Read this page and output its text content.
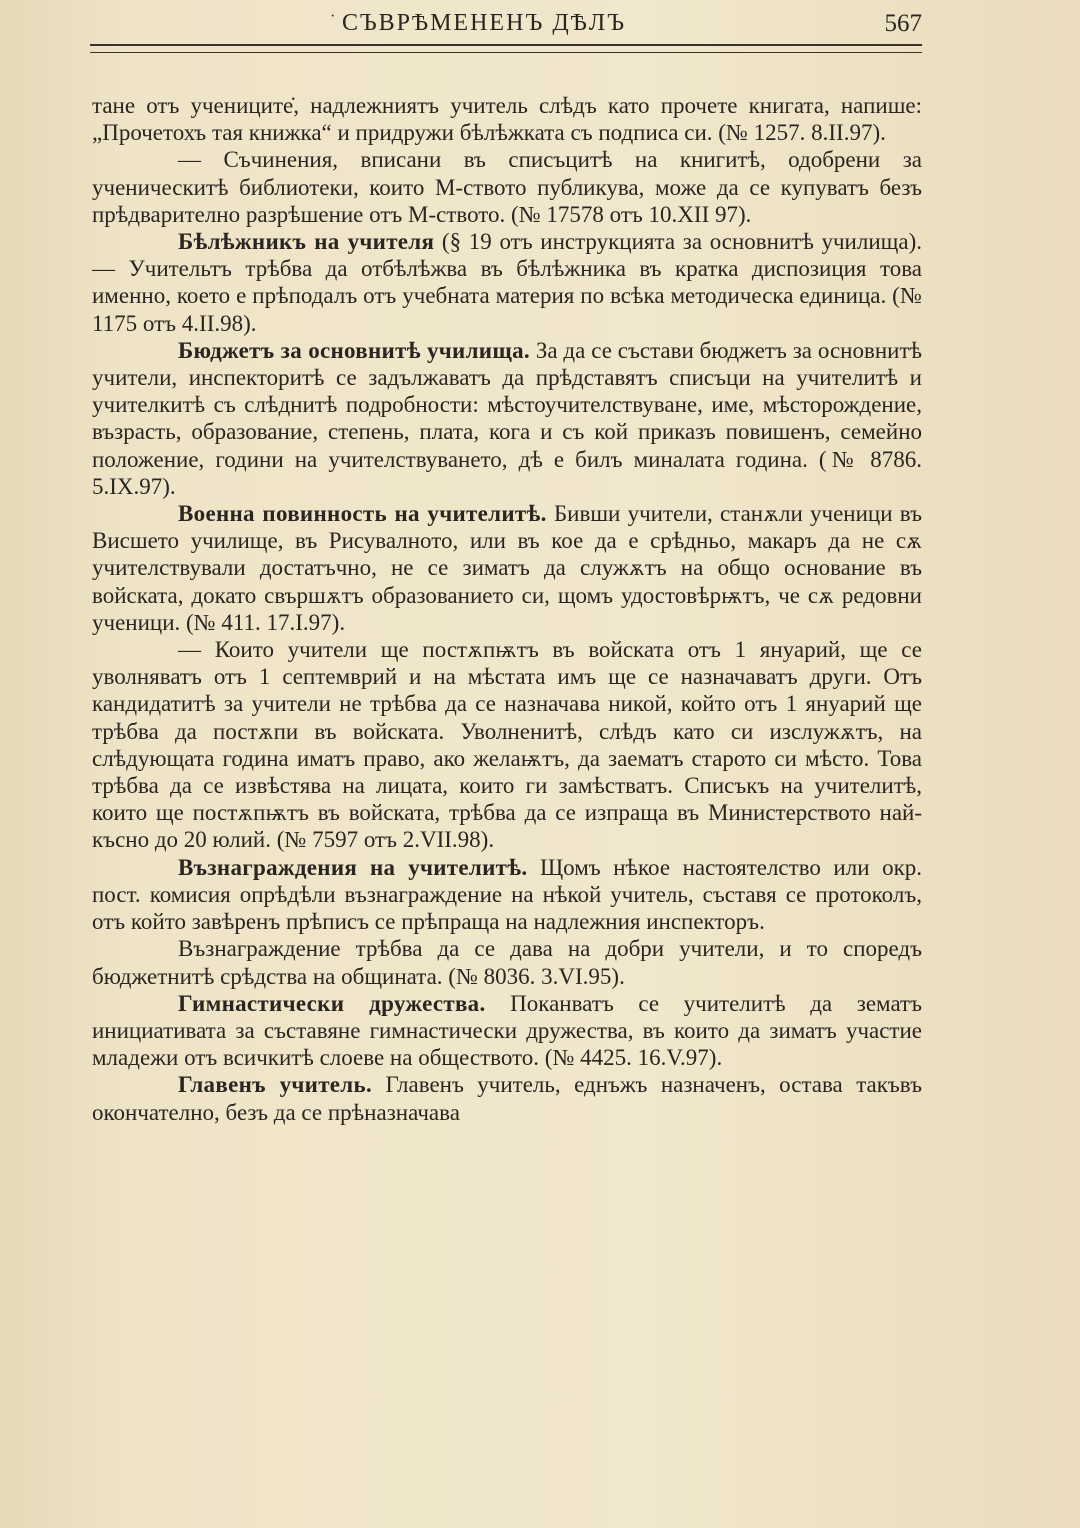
· СЪВРѢМЕНЕНЪ ДѢЛЪ	567

тане отъ учениците̇, надлежниятъ учитель слѣдъ като прочете книгата, напише: „Прочетохъ тая книжка“ и придружи бѣлѣжката съ подписа си. (№ 1257. 8.II.97).

— Съчинения, вписани въ списъцитѣ на книгитѣ, одобрени за ученическитѣ библиотеки, които М-ството публикува, може да се купуватъ безъ прѣдварително разрѣшение отъ М-ството. (№ 17578 отъ 10.XII 97).

Бѣлѣжникъ на учителя (§ 19 отъ инструкцията за основнитѣ училища). — Учительтъ трѣбва да отбѣлѣжва въ бѣлѣжника въ кратка диспозиция това именно, което е прѣподалъ отъ учебната материя по всѣка методическа единица. (№ 1175 отъ 4.II.98).

Бюджетъ за основнитѣ училища. За да се състави бюджетъ за основнитѣ учители, инспекторитѣ се задължаватъ да прѣдставятъ списъци на учителитѣ и учителкитѣ съ слѣднитѣ подробности: мѣстоучителствуване, име, мѣсторождение, възрасть, образование, степень, плата, кога и съ кой приказъ повишенъ, семейно положение, години на учителствуването, дѣ е билъ миналата година. (№ 8786. 5.IX.97).

Военна повинность на учителитѣ. Бивши учители, станѫли ученици въ Висшето училище, въ Рисувалното, или въ кое да е срѣдньо, макаръ да не сѫ учителствували достатъчно, не се зиматъ да служѫтъ на общо основание въ войската, докато свършѫтъ образованието си, щомъ удостовѣрѭтъ, че сѫ редовни ученици. (№ 411. 17.I.97).

— Които учители ще постѫпѭтъ въ войската отъ 1 януарий, ще се уволняватъ отъ 1 септемврий и на мѣстата имъ ще се назначаватъ други. Отъ кандидатитѣ за учители не трѣбва да се назначава никой, който отъ 1 януарий ще трѣбва да постѫпи въ войската. Уволненитѣ, слѣдъ като си изслужѫтъ, на слѣдующата година иматъ право, ако желаѭтъ, да заематъ старото си мѣсто. Това трѣбва да се извѣстява на лицата, които ги замѣстватъ. Списъкъ на учителитѣ, които ще постѫпѭтъ въ войската, трѣбва да се изпраща въ Министерството най-късно до 20 юлий. (№ 7597 отъ 2.VII.98).

Възнаграждения на учителитѣ. Щомъ нѣкое настоятелство или окр. пост. комисия опрѣдѣли възнаграждение на нѣкой учитель, съставя се протоколъ, отъ който завѣренъ прѣписъ се прѣпраща на надлежния инспекторъ.

Възнаграждение трѣбва да се дава на добри учители, и то споредъ бюджетнитѣ срѣдства на общината. (№ 8036. 3.VI.95).

Гимнастически дружества. Поканватъ се учителитѣ да зематъ инициативата за съставяне гимнастически дружества, въ които да зиматъ участие младежи отъ всичкитѣ слоеве на обществото. (№ 4425. 16.V.97).

Главенъ учитель. Главенъ учитель, еднъжъ назначенъ, остава такъвъ окончателно, безъ да се прѣназначава
